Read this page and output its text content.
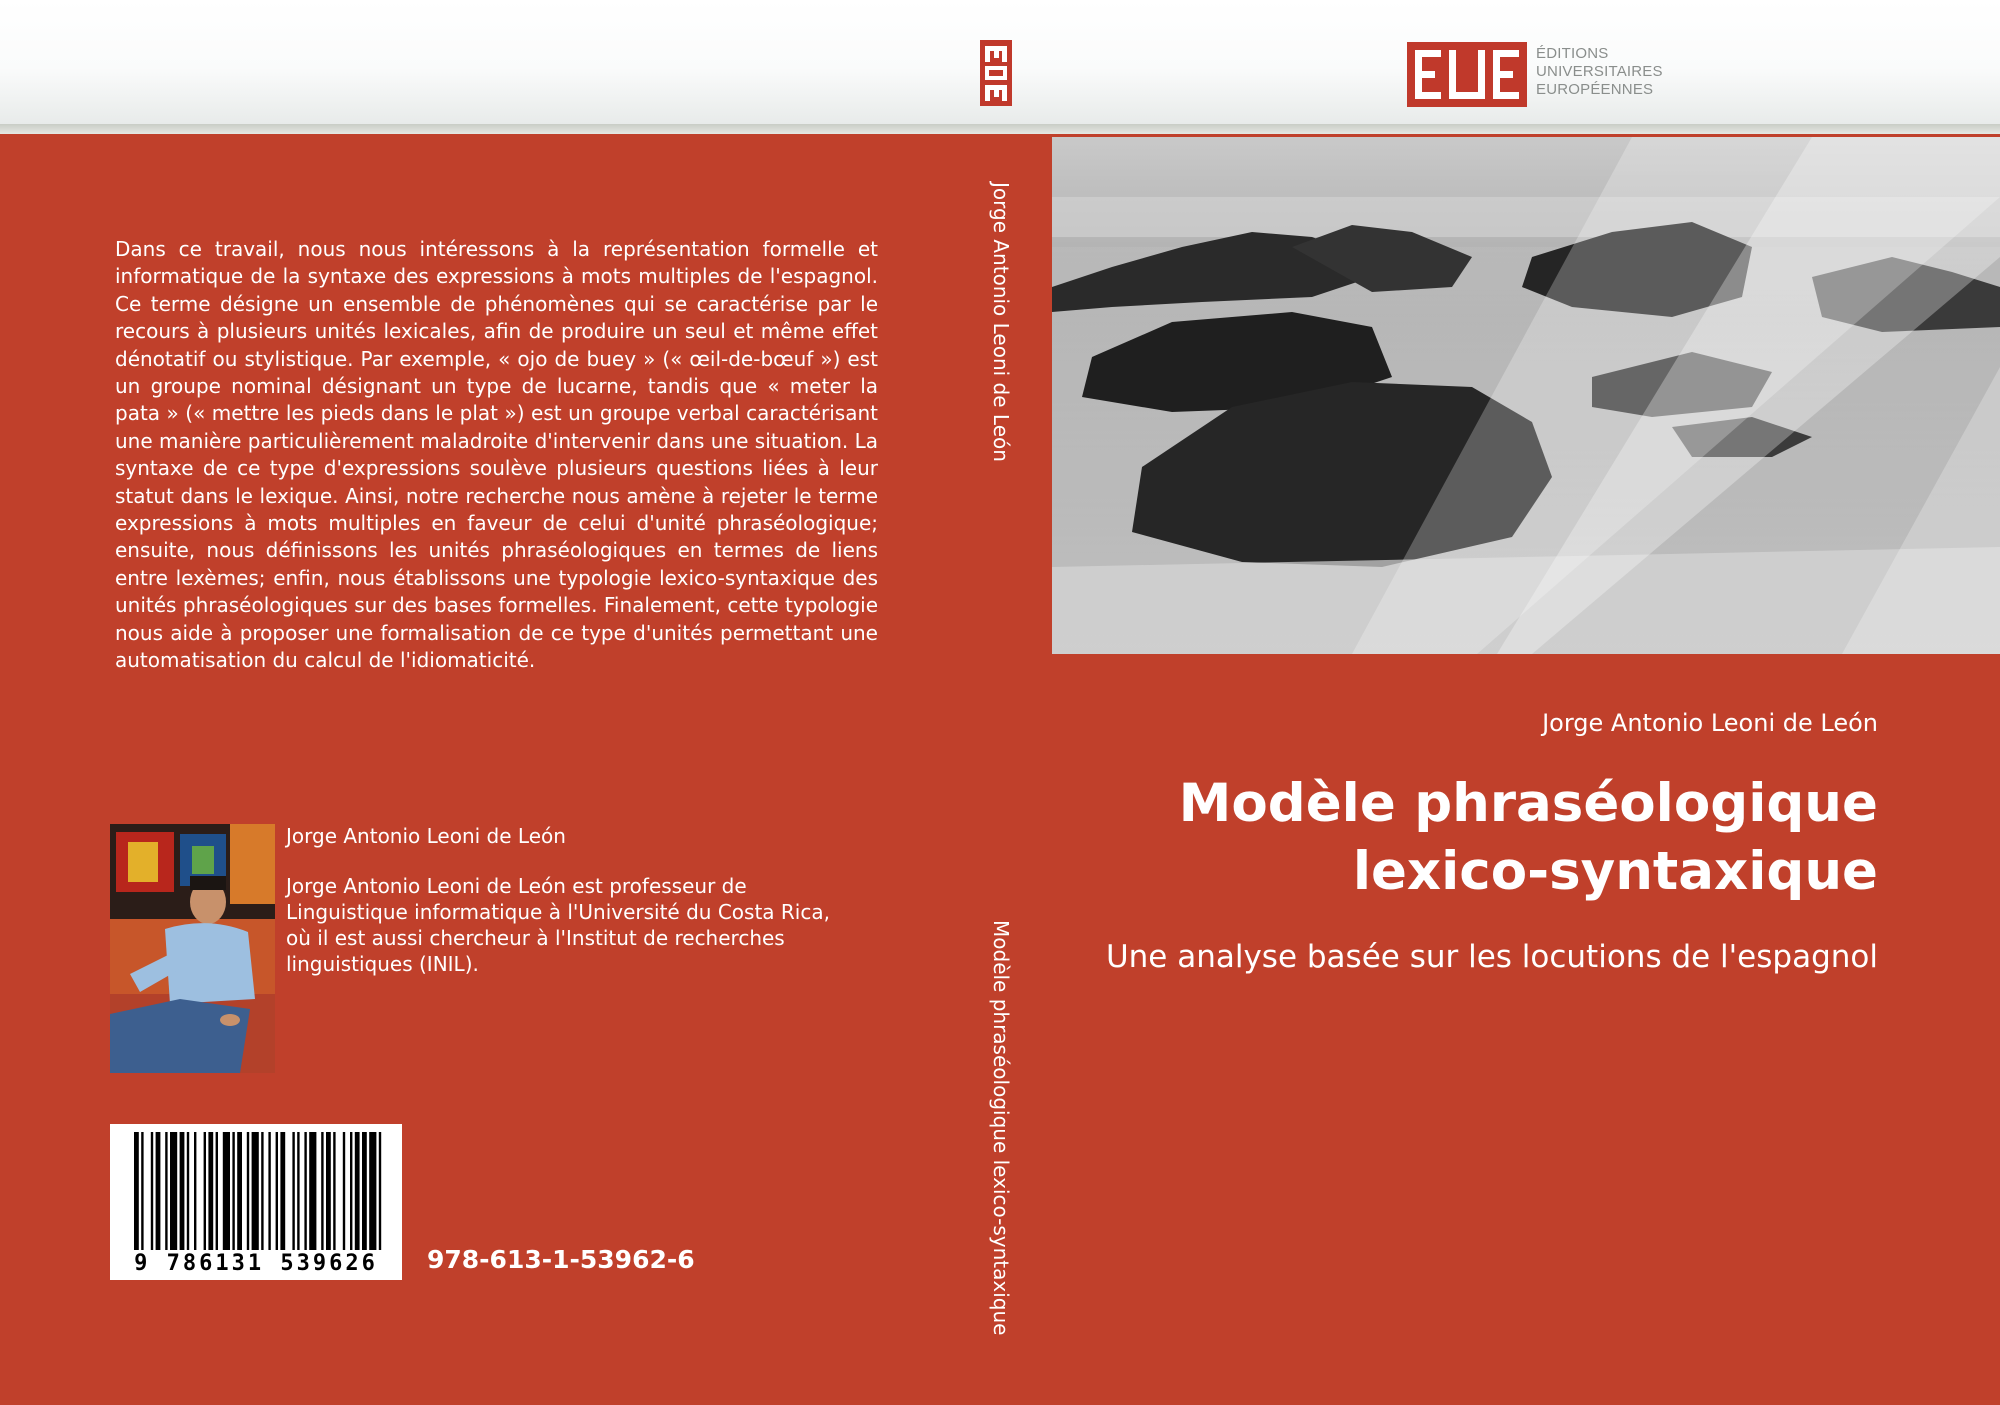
ÉDITIONS
UNIVERSITAIRES
EUROPÉENNES
Dans ce travail, nous nous intéressons à la représentation formelle et informatique de la syntaxe des expressions à mots multiples de l'espagnol. Ce terme désigne un ensemble de phénomènes qui se caractérise par le recours à plusieurs unités lexicales, afin de produire un seul et même effet dénotatif ou stylistique. Par exemple, « ojo de buey » (« œil-de-bœuf ») est un groupe nominal désignant un type de lucarne, tandis que « meter la pata » (« mettre les pieds dans le plat ») est un groupe verbal caractérisant une manière particulièrement maladroite d'intervenir dans une situation. La syntaxe de ce type d'expressions soulève plusieurs questions liées à leur statut dans le lexique. Ainsi, notre recherche nous amène à rejeter le terme expressions à mots multiples en faveur de celui d'unité phraséologique; ensuite, nous définissons les unités phraséologiques en termes de liens entre lexèmes; enfin, nous établissons une typologie lexico-syntaxique des unités phraséologiques sur des bases formelles. Finalement, cette typologie nous aide à proposer une formalisation de ce type d'unités permettant une automatisation du calcul de l'idiomaticité.
Jorge Antonio Leoni de León
Jorge Antonio Leoni de León est professeur de Linguistique informatique à l'Université du Costa Rica, où il est aussi chercheur à l'Institut de recherches linguistiques (INIL).
9 786131 539626	978-613-1-53962-6
Jorge Antonio Leoni de León
Modèle phraséologique lexico-syntaxique
Jorge Antonio Leoni de León
Modèle phraséologique
lexico-syntaxique
Une analyse basée sur les locutions de l'espagnol
